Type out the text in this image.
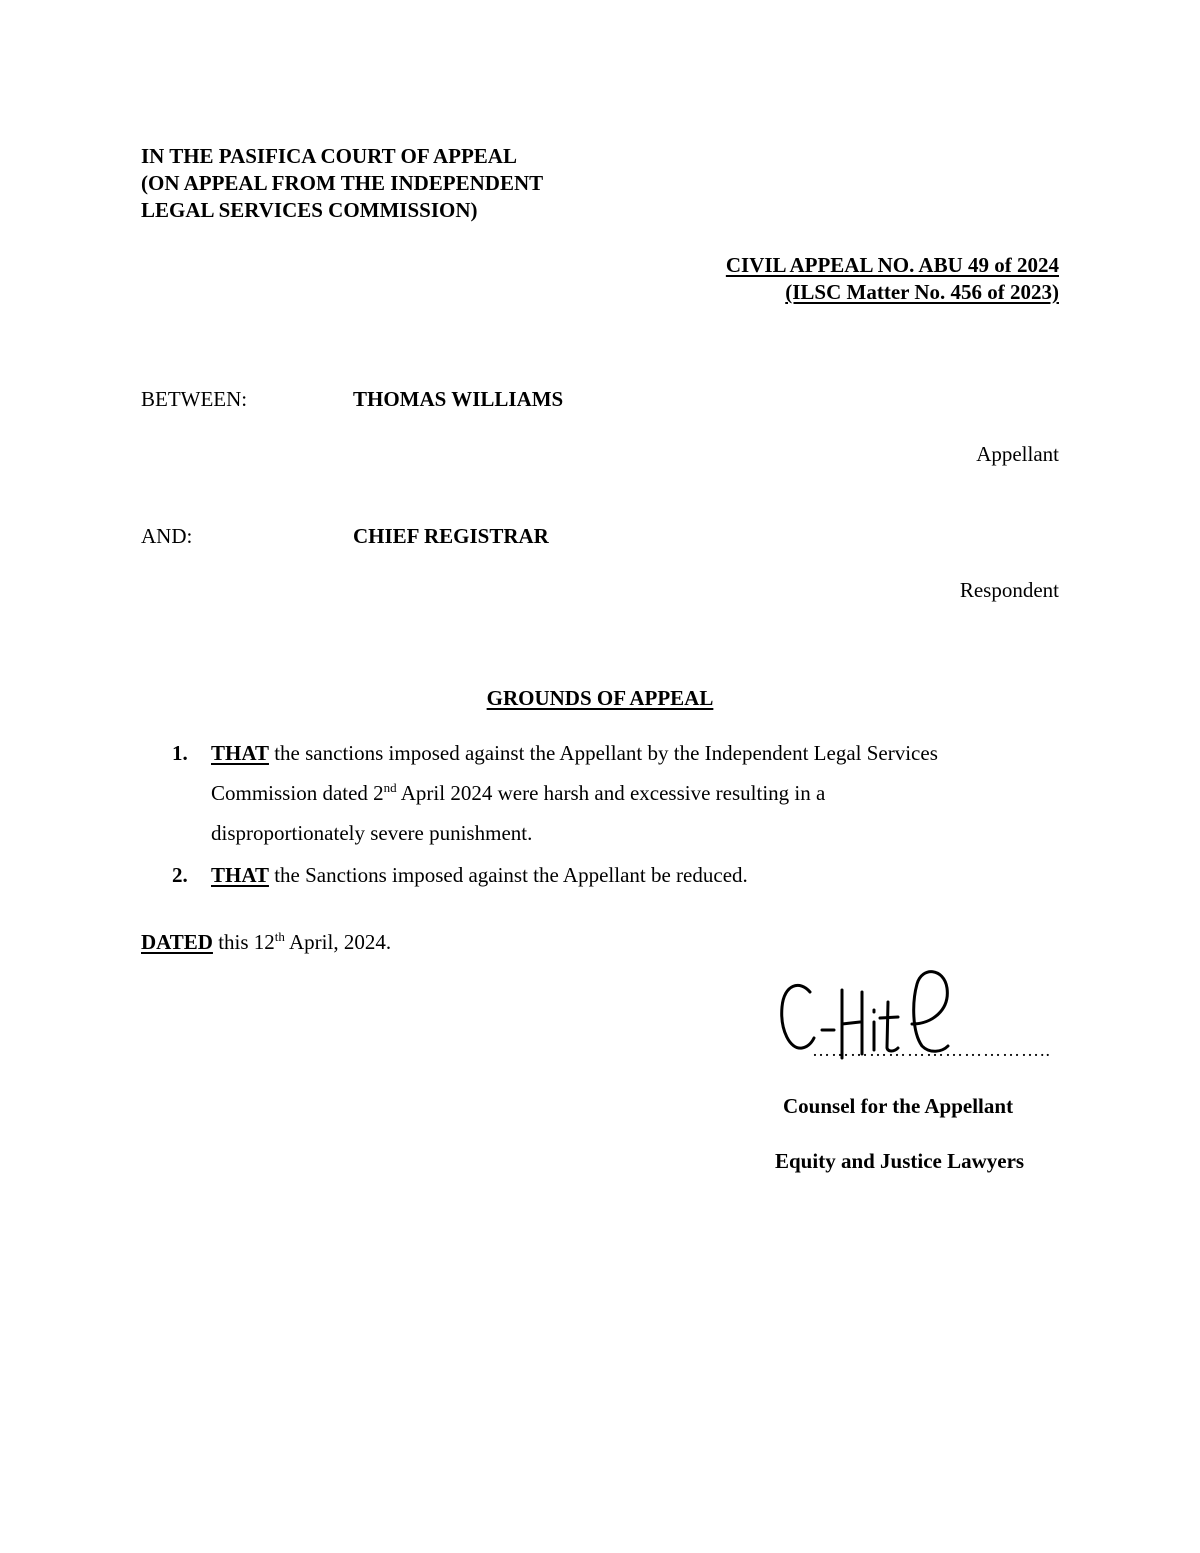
IN THE PASIFICA COURT OF APPEAL
(ON APPEAL FROM THE INDEPENDENT
LEGAL SERVICES COMMISSION)
CIVIL APPEAL NO. ABU 49 of 2024
(ILSC Matter No. 456 of 2023)
BETWEEN:	THOMAS WILLIAMS
Appellant
AND:	CHIEF REGISTRAR
Respondent
GROUNDS OF APPEAL
1. THAT the sanctions imposed against the Appellant by the Independent Legal Services
Commission dated 2nd April 2024 were harsh and excessive resulting in a
disproportionately severe punishment.
2. THAT the Sanctions imposed against the Appellant be reduced.
DATED this 12th April, 2024.
………………………………..
Counsel for the Appellant
Equity and Justice Lawyers
